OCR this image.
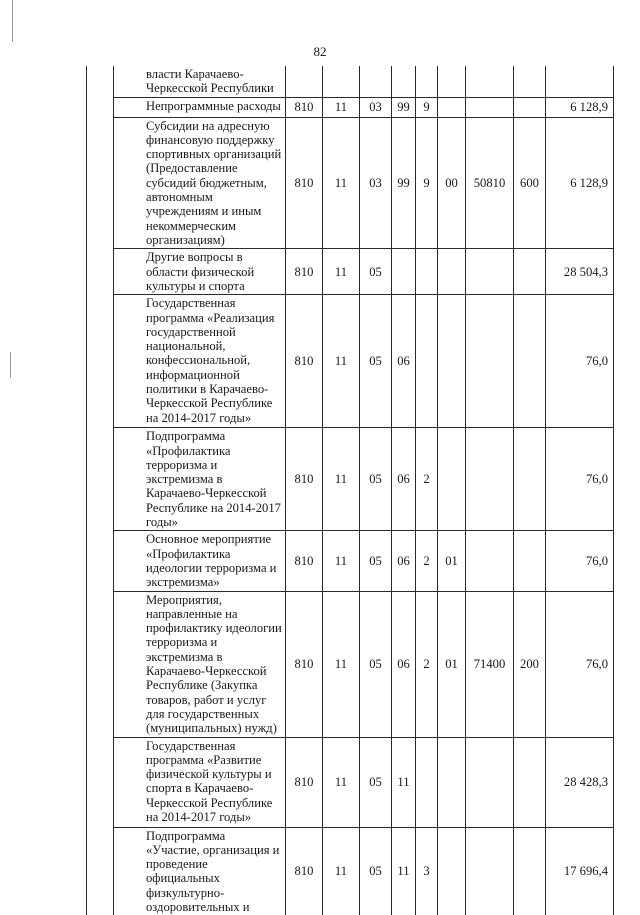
82
	власти Карачаево-Черкесской Республики									
	Непрограммные расходы	810	11	03	99	9				6 128,9
	Субсидии на адресную финансовую поддержку спортивных организаций (Предоставление субсидий бюджетным, автономным учреждениям и иным некоммерческим организациям)	810	11	03	99	9	00	50810	600	6 128,9
	Другие вопросы в области физической культуры и спорта	810	11	05						28 504,3
	Государственная программа «Реализация государственной национальной, конфессиональной, информационной политики в Карачаево-Черкесской Республике на 2014-2017 годы»	810	11	05	06					76,0
	Подпрограмма «Профилактика терроризма и экстремизма в Карачаево-Черкесской Республике на 2014-2017 годы»	810	11	05	06	2				76,0
	Основное мероприятие «Профилактика идеологии терроризма и экстремизма»	810	11	05	06	2	01			76,0
	Мероприятия, направленные на профилактику идеологии терроризма и экстремизма в Карачаево-Черкесской Республике (Закупка товаров, работ и услуг для государственных (муниципальных) нужд)	810	11	05	06	2	01	71400	200	76,0
	Государственная программа «Развитие физической культуры и спорта в Карачаево-Черкесской Республике на 2014-2017 годы»	810	11	05	11					28 428,3
	Подпрограмма «Участие, организация и проведение официальных физкультурно-оздоровительных и	810	11	05	11	3				17 696,4
